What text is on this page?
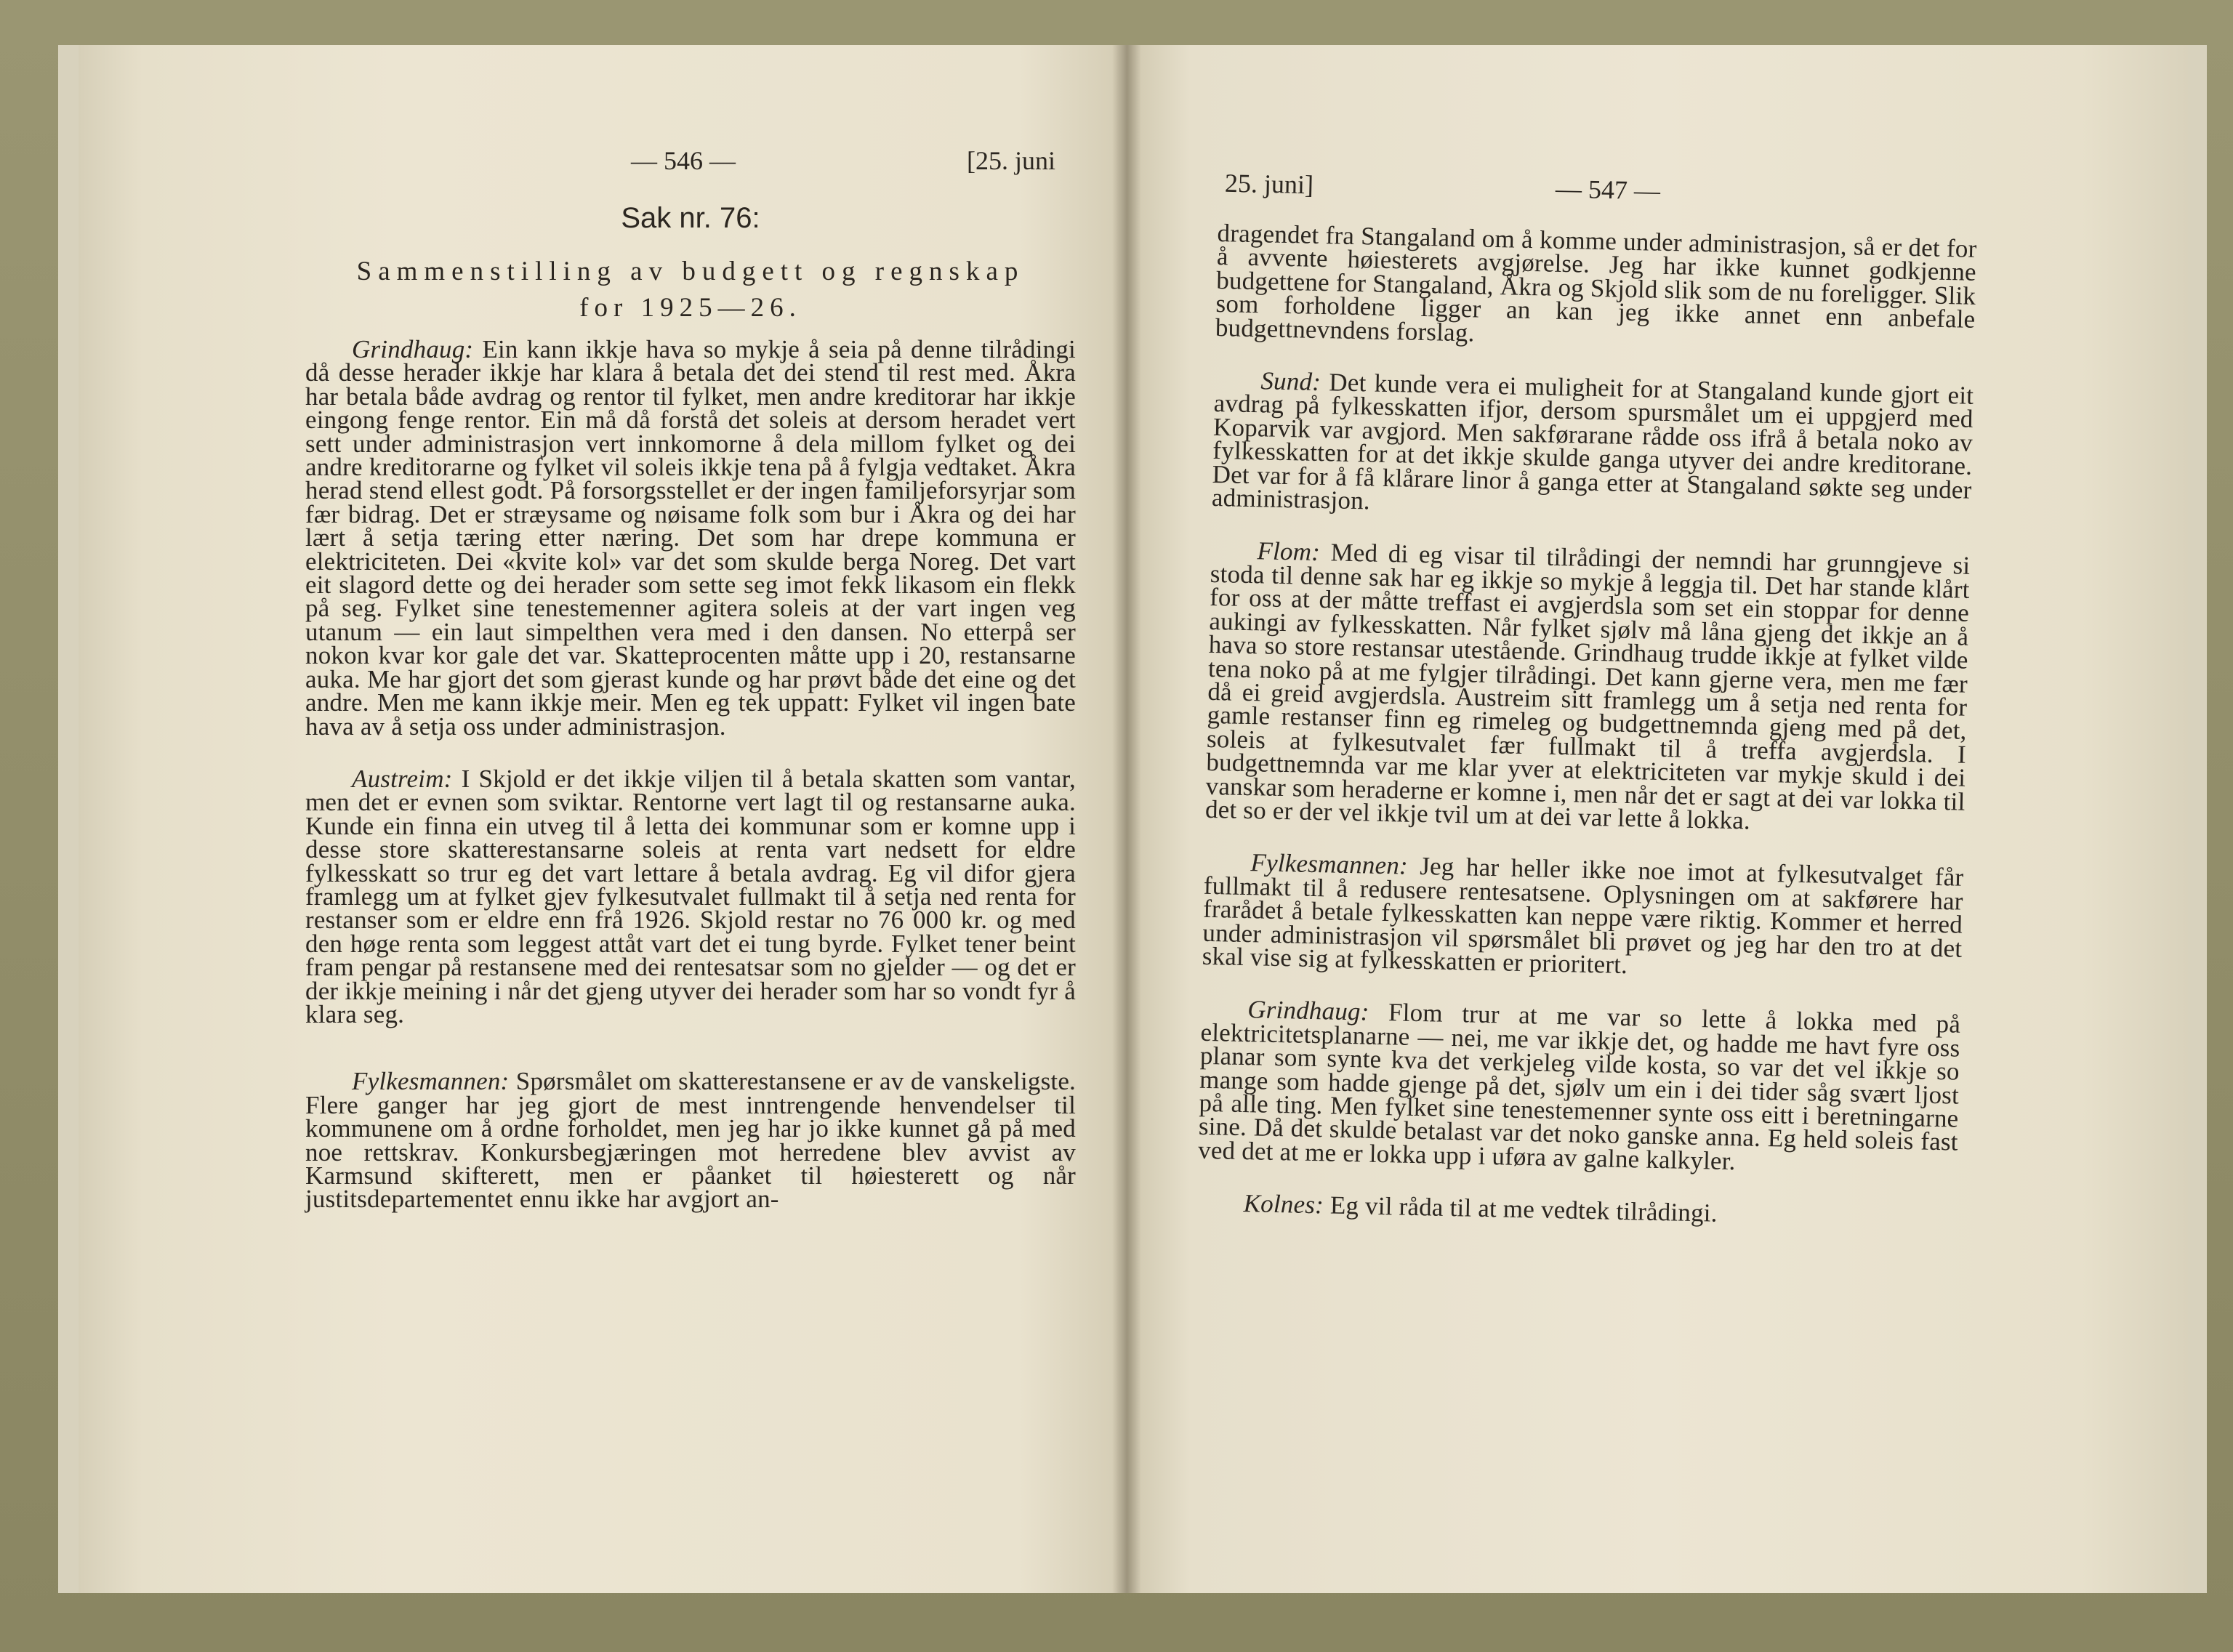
— 546 —	[25. juni
Sak nr. 76:
Sammenstilling av budgett og regnskap
for 1925—26.

Grindhaug: Ein kann ikkje hava so mykje å seia på denne tilrådingi då desse herader ikkje har klara å betala det dei stend til rest med. Åkra har betala både avdrag og rentor til fylket, men andre kreditorar har ikkje eingong fenge rentor. Ein må då forstå det soleis at dersom heradet vert sett under administrasjon vert innkomorne å dela millom fylket og dei andre kreditorarne og fylket vil soleis ikkje tena på å fylgja vedtaket. Åkra herad stend ellest godt. På forsorgsstellet er der ingen familjeforsyrjar som fær bidrag. Det er stræysame og nøisame folk som bur i Åkra og dei har lært å setja tæring etter næring. Det som har drepe kommuna er elektriciteten. Dei «kvite kol» var det som skulde berga Noreg. Det vart eit slagord dette og dei herader som sette seg imot fekk likasom ein flekk på seg. Fylket sine tenestemenner agitera soleis at der vart ingen veg utanum — ein laut simpelthen vera med i den dansen. No etterpå ser nokon kvar kor gale det var. Skatteprocenten måtte upp i 20, restansarne auka. Me har gjort det som gjerast kunde og har prøvt både det eine og det andre. Men me kann ikkje meir. Men eg tek uppatt: Fylket vil ingen bate hava av å setja oss under administrasjon.

Austreim: I Skjold er det ikkje viljen til å betala skatten som vantar, men det er evnen som sviktar. Rentorne vert lagt til og restansarne auka. Kunde ein finna ein utveg til å letta dei kommunar som er komne upp i desse store skatterestansarne soleis at renta vart nedsett for eldre fylkesskatt so trur eg det vart lettare å betala avdrag. Eg vil difor gjera framlegg um at fylket gjev fylkesutvalet fullmakt til å setja ned renta for restanser som er eldre enn frå 1926. Skjold restar no 76 000 kr. og med den høge renta som leggest attåt vart det ei tung byrde. Fylket tener beint fram pengar på restansene med dei rentesatsar som no gjelder — og det er der ikkje meining i når det gjeng utyver dei herader som har so vondt fyr å klara seg.

Fylkesmannen: Spørsmålet om skatterestansene er av de vanskeligste. Flere ganger har jeg gjort de mest inntrengende henvendelser til kommunene om å ordne forholdet, men jeg har jo ikke kunnet gå på med noe rettskrav. Konkursbegjæringen mot herredene blev avvist av Karmsund skifterett, men er påanket til høiesterett og når justitsdepartementet ennu ikke har avgjort an-

25. juni]	— 547 —

dragendet fra Stangaland om å komme under administrasjon, så er det for å avvente høiesterets avgjørelse. Jeg har ikke kunnet godkjenne budgettene for Stangaland, Åkra og Skjold slik som de nu foreligger. Slik som forholdene ligger an kan jeg ikke annet enn anbefale budgettnevndens forslag.

Sund: Det kunde vera ei muligheit for at Stangaland kunde gjort eit avdrag på fylkesskatten ifjor, dersom spursmålet um ei uppgjerd med Koparvik var avgjord. Men sakførarane rådde oss ifrå å betala noko av fylkesskatten for at det ikkje skulde ganga utyver dei andre kreditorane. Det var for å få klårare linor å ganga etter at Stangaland søkte seg under administrasjon.

Flom: Med di eg visar til tilrådingi der nemndi har grunngjeve si stoda til denne sak har eg ikkje so mykje å leggja til. Det har stande klårt for oss at der måtte treffast ei avgjerdsla som set ein stoppar for denne aukingi av fylkesskatten. Når fylket sjølv må låna gjeng det ikkje an å hava so store restansar utestående. Grindhaug trudde ikkje at fylket vilde tena noko på at me fylgjer tilrådingi. Det kann gjerne vera, men me fær då ei greid avgjerdsla. Austreim sitt framlegg um å setja ned renta for gamle restanser finn eg rimeleg og budgettnemnda gjeng med på det, soleis at fylkesutvalet fær fullmakt til å treffa avgjerdsla. I budgettnemnda var me klar yver at elektriciteten var mykje skuld i dei vanskar som heraderne er komne i, men når det er sagt at dei var lokka til det so er der vel ikkje tvil um at dei var lette å lokka.

Fylkesmannen: Jeg har heller ikke noe imot at fylkesutvalget får fullmakt til å redusere rentesatsene. Oplysningen om at sakførere har frarådet å betale fylkesskatten kan neppe være riktig. Kommer et herred under administrasjon vil spørsmålet bli prøvet og jeg har den tro at det skal vise sig at fylkesskatten er prioritert.

Grindhaug: Flom trur at me var so lette å lokka med på elektricitetsplanarne — nei, me var ikkje det, og hadde me havt fyre oss planar som synte kva det verkjeleg vilde kosta, so var det vel ikkje so mange som hadde gjenge på det, sjølv um ein i dei tider såg svært ljost på alle ting. Men fylket sine tenestemenner synte oss eitt i beretningarne sine. Då det skulde betalast var det noko ganske anna. Eg held soleis fast ved det at me er lokka upp i uføra av galne kalkyler.

Kolnes: Eg vil råda til at me vedtek tilrådingi.
